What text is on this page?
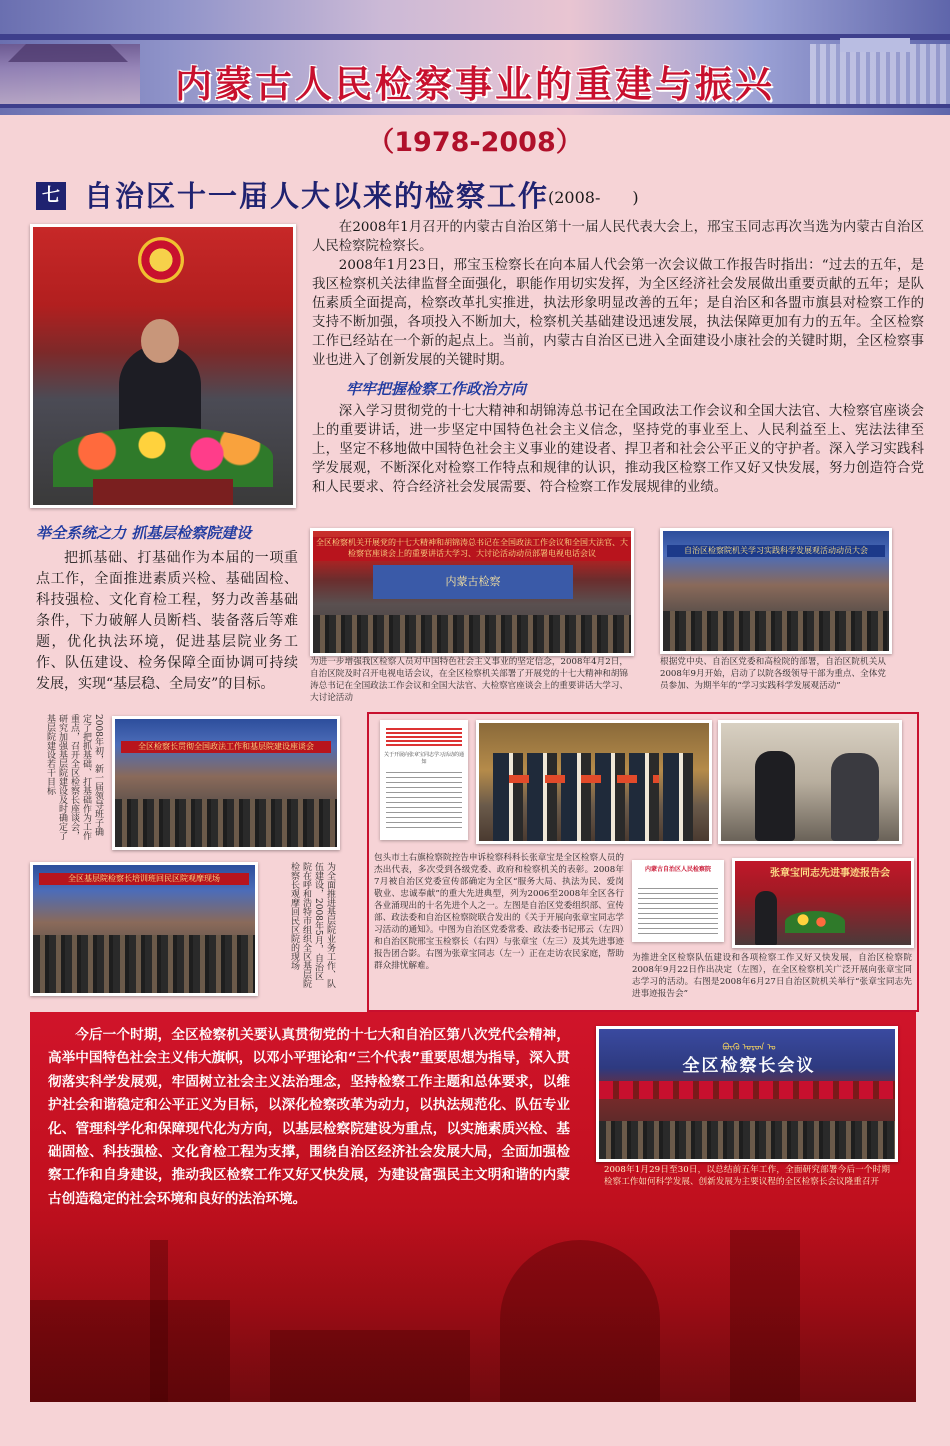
内蒙古人民检察事业的重建与振兴
（1978-2008）
七 自治区十一届人大以来的检察工作
(2008-　　)
在2008年1月召开的内蒙古自治区第十一届人民代表大会上，邢宝玉同志再次当选为内蒙古自治区人民检察院检察长。
2008年1月23日，邢宝玉检察长在向本届人代会第一次会议做工作报告时指出：“过去的五年，是我区检察机关法律监督全面强化，职能作用切实发挥，为全区经济社会发展做出重要贡献的五年；是队伍素质全面提高，检察改革扎实推进，执法形象明显改善的五年；是自治区和各盟市旗县对检察工作的支持不断加强，各项投入不断加大，检察机关基础建设迅速发展，执法保障更加有力的五年。全区检察工作已经站在一个新的起点上。当前，内蒙古自治区已进入全面建设小康社会的关键时期，全区检察事业也进入了创新发展的关键时期。
牢牢把握检察工作政治方向
深入学习贯彻党的十七大精神和胡锦涛总书记在全国政法工作会议和全国大法官、大检察官座谈会上的重要讲话，进一步坚定中国特色社会主义信念，坚持党的事业至上、人民利益至上、宪法法律至上，坚定不移地做中国特色社会主义事业的建设者、捍卫者和社会公平正义的守护者。深入学习实践科学发展观，不断深化对检察工作特点和规律的认识，推动我区检察工作又好又快发展，努力创造符合党和人民要求、符合经济社会发展需要、符合检察工作发展规律的业绩。
举全系统之力 抓基层检察院建设
把抓基础、打基础作为本届的一项重点工作，全面推进素质兴检、基础固检、科技强检、文化育检工程，努力改善基础条件，下力破解人员断档、装备落后等难题，优化执法环境，促进基层院业务工作、队伍建设、检务保障全面协调可持续发展，实现“基层稳、全局安”的目标。
全区检察机关开展党的十七大精神和胡锦涛总书记在全国政法工作会议和全国大法官、大检察官座谈会上的重要讲话大学习、大讨论活动动员部署电视电话会议
内蒙古检察
为进一步增强我区检察人员对中国特色社会主义事业的坚定信念，2008年4月2日，自治区院及时召开电视电话会议，在全区检察机关部署了开展党的十七大精神和胡锦涛总书记在全国政法工作会议和全国大法官、大检察官座谈会上的重要讲话大学习、大讨论活动
自治区检察院机关学习实践科学发展观活动动员大会
根据党中央、自治区党委和高检院的部署，自治区院机关从2008年9月开始，启动了以院各级领导干部为重点、全体党员参加、为期半年的“学习实践科学发展观活动”
2008年初，新一届领导班子确定了把抓基础、打基础作为工作重点，召开全区检察长座谈会，研究加强基层院建设及时确定了基层院建设若干目标	全区检察长贯彻全国政法工作和基层院建设座谈会
全区基层院检察长培训班回民区院观摩现场	为全面推进基层院业务工作、队伍建设，2008年5月，自治区院在呼和浩特市组织全区基层院检察长观摩回民区院的现场
关于开展向张章宝同志学习活动的通知
包头市土右旗检察院控告申诉检察科科长张章宝是全区检察人员的杰出代表，多次受到各级党委、政府和检察机关的表彰。2008年7月被自治区党委宣传部确定为全区“服务大局、执法为民、爱岗敬业、忠诚奉献”的重大先进典型，列为2006至2008年全区各行各业涌现出的十名先进个人之一。左图是自治区党委组织部、宣传部、政法委和自治区检察院联合发出的《关于开展向张章宝同志学习活动的通知》。中图为自治区党委常委、政法委书记邢云（左四）和自治区院邢宝玉检察长（右四）与张章宝（左三）及其先进事迹报告团合影。右图为张章宝同志（左一）正在走访农民家庭，帮助群众排忧解难。
内蒙古自治区人民检察院	张章宝同志先进事迹报告会
为推进全区检察队伍建设和各项检察工作又好又快发展，自治区检察院2008年9月22日作出决定（左图），在全区检察机关广泛开展向张章宝同志学习的活动。右图是2008年6月27日自治区院机关举行“张章宝同志先进事迹报告会”
今后一个时期，全区检察机关要认真贯彻党的十七大和自治区第八次党代会精神，高举中国特色社会主义伟大旗帜，以邓小平理论和“三个代表”重要思想为指导，深入贯彻落实科学发展观，牢固树立社会主义法治理念，坚持检察工作主题和总体要求，以维护社会和谐稳定和公平正义为目标，以深化检察改革为动力，以执法规范化、队伍专业化、管理科学化和保障现代化为方向，以基层检察院建设为重点，以实施素质兴检、基础固检、科技强检、文化育检工程为支撑，围绕自治区经济社会发展大局，全面加强检察工作和自身建设，推动我区检察工作又好又快发展，为建设富强民主文明和谐的内蒙古创造稳定的社会环境和良好的法治环境。
ᠪᠦᠬᠦ ᠣᠷᠣᠨ ᠤ
全区检察长会议
2008年1月29日至30日，以总结前五年工作，全面研究部署今后一个时期检察工作如何科学发展、创新发展为主要议程的全区检察长会议隆重召开
